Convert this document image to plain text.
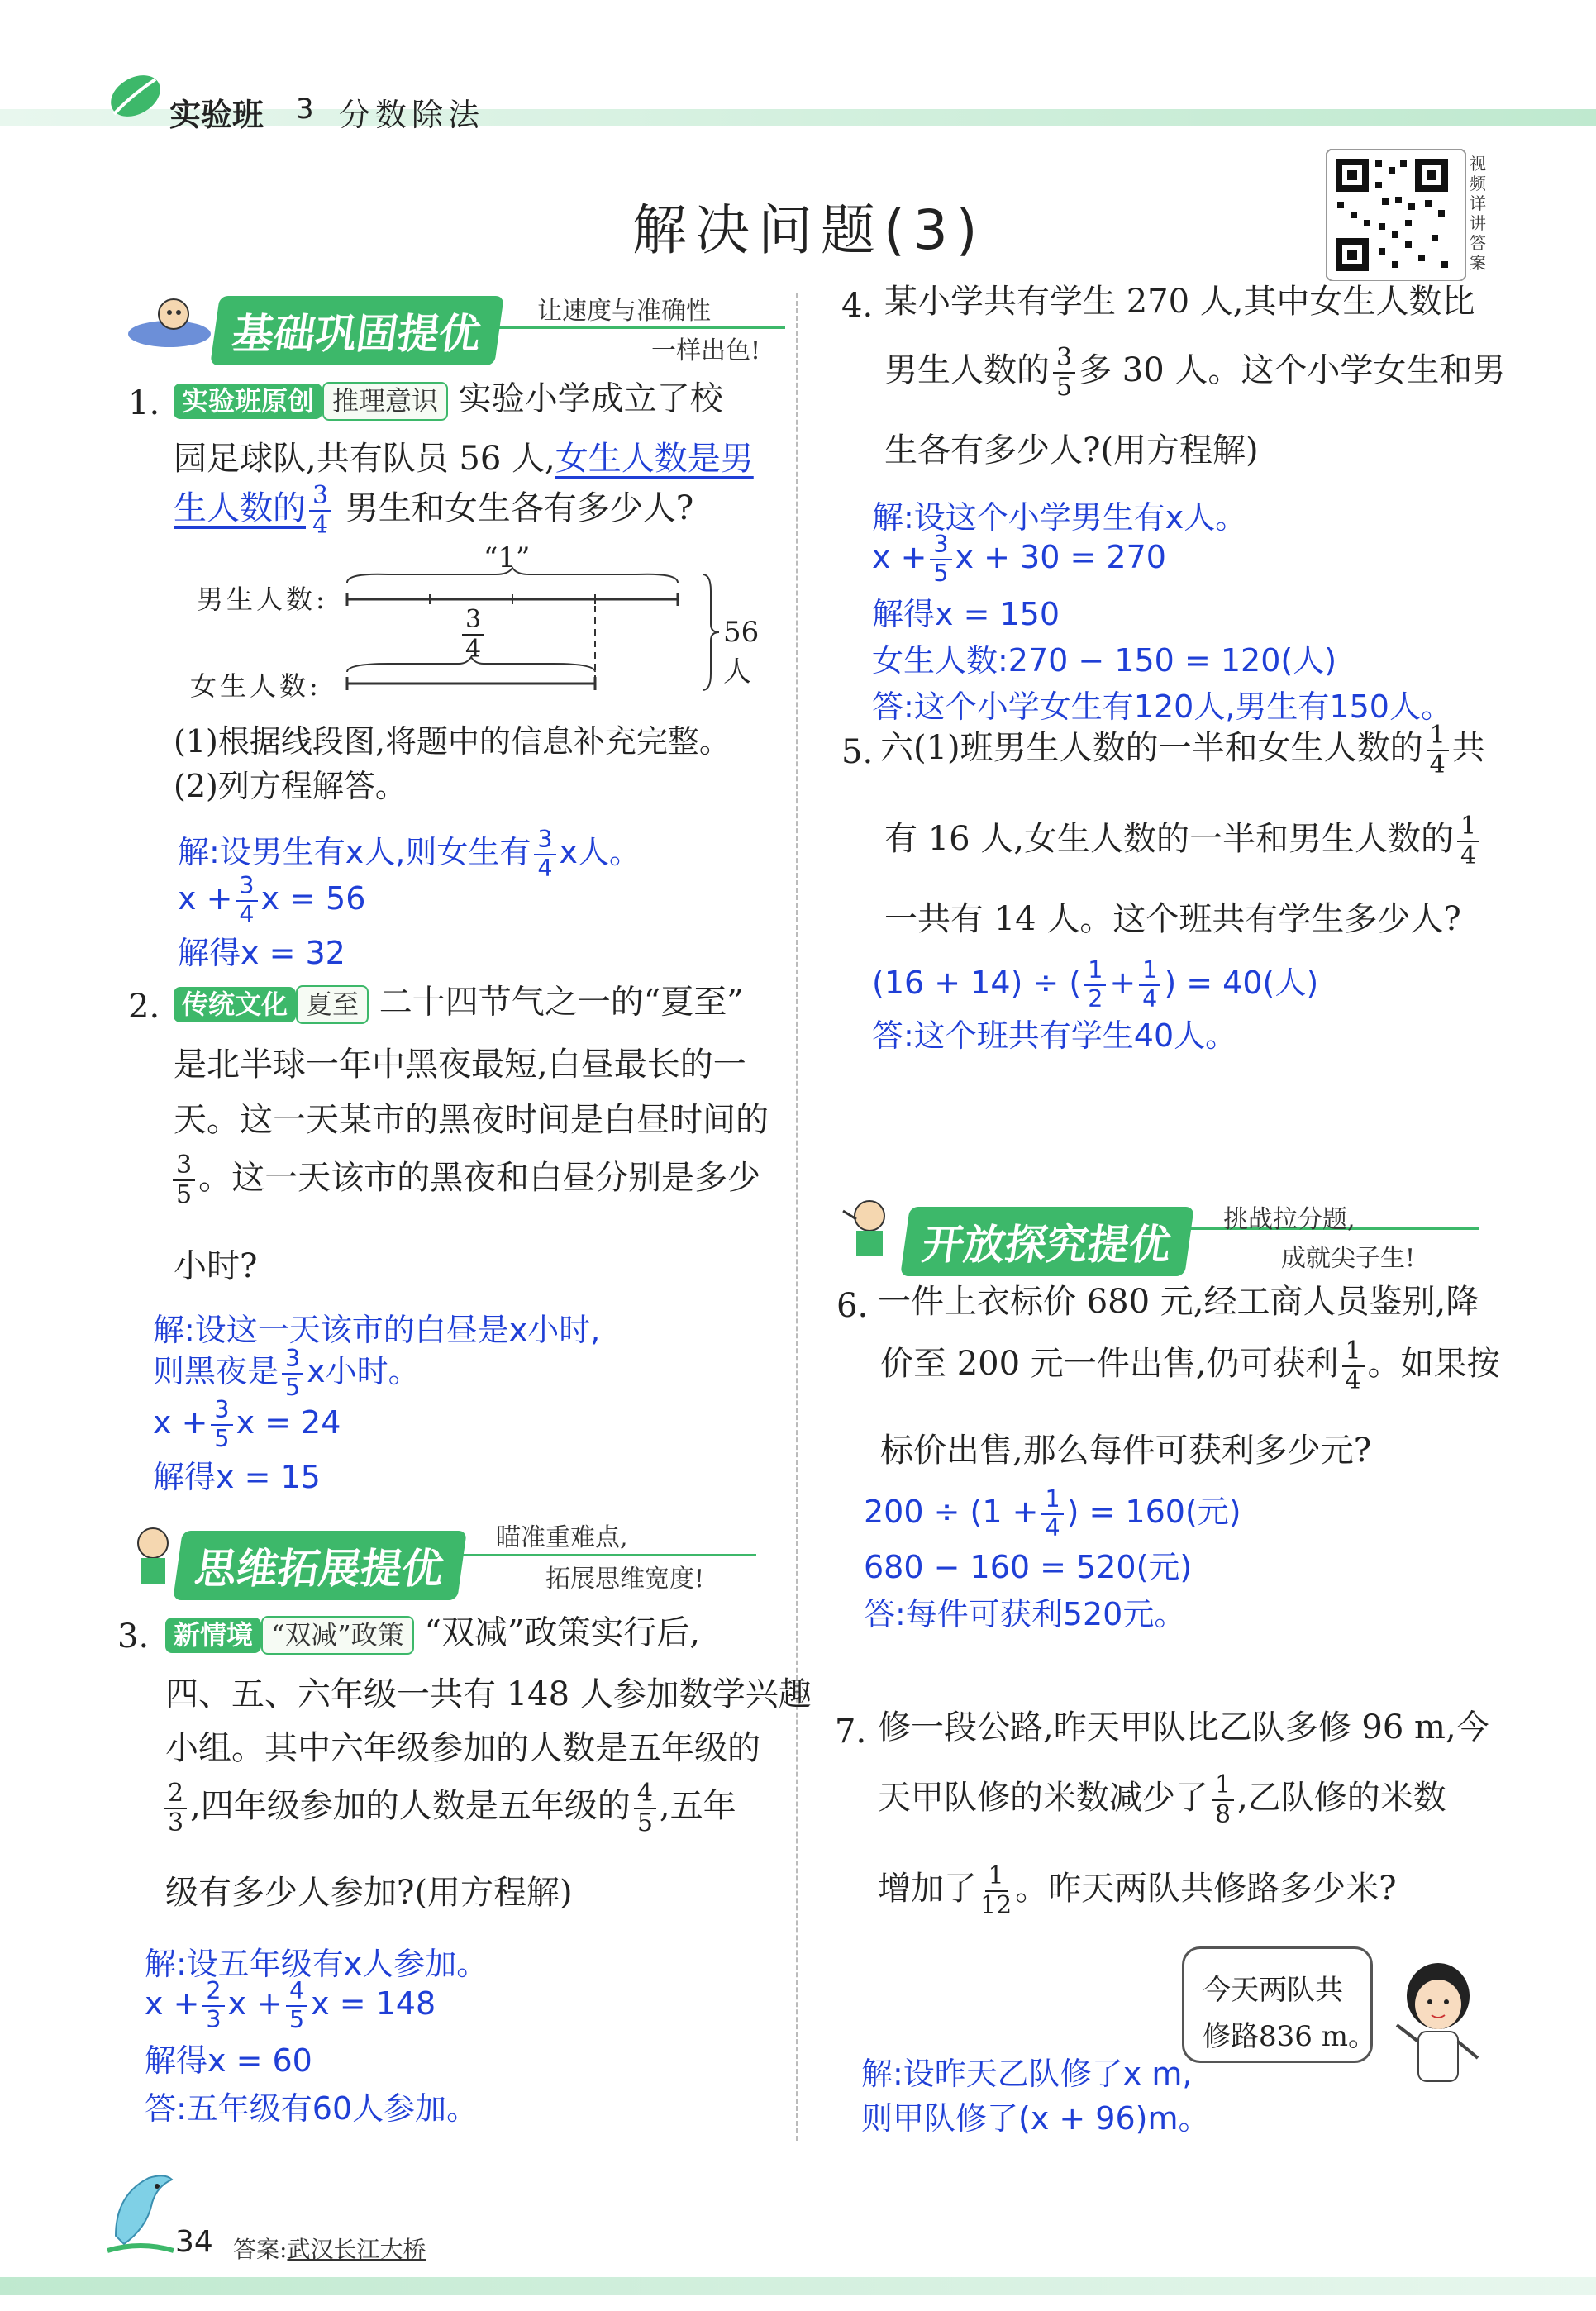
实验班 3 分数除法
解决问题(3)
视频详讲答案
基础巩固提优	让速度与准确性
一样出色!
1. 实验班原创 推理意识 实验小学成立了校
园足球队,共有队员 56 人,女生人数是男
生人数的 $\frac{3}{4}$ 男生和女生各有多少人?
“1”
男生人数:
女生人数:
$\frac{3}{4}$	56人
(1)根据线段图,将题中的信息补充完整。
(2)列方程解答。
解:设男生有x人,则女生有 $\frac{3}{4}$ x人。
$x + \frac{3}{4}$ x = 56
解得x = 32
2. 传统文化 夏至 二十四节气之一的“夏至”
是北半球一年中黑夜最短,白昼最长的一
天。这一天某市的黑夜时间是白昼时间的
$\frac{3}{5}$ 。这一天该市的黑夜和白昼分别是多少
小时?
解:设这一天该市的白昼是x小时,
则黑夜是 $\frac{3}{5}$ x小时。
$x + \frac{3}{5}$ x = 24
解得x = 15
思维拓展提优
瞄准重难点,
拓展思维宽度!
3. 新情境 “双减”政策 “双减”政策实行后,
四、五、六年级一共有 148 人参加数学兴趣
小组。其中六年级参加的人数是五年级的
$\frac{2}{3}$ ,四年级参加的人数是五年级的 $\frac{4}{5}$ ,五年
级有多少人参加?(用方程解)
解:设五年级有x人参加。
$x + \frac{2}{3}$ $x + \frac{4}{5}$ x = 148
解得x = 60
答:五年级有60人参加。
4. 某小学共有学生 270 人,其中女生人数比
男生人数的 $\frac{3}{5}$ 多 30 人。这个小学女生和男
生各有多少人?(用方程解)
解:设这个小学男生有x人。
$x + \frac{3}{5}$ x + 30 = 270
解得x = 150
女生人数:270 − 150 = 120(人)
答:这个小学女生有120人,男生有150人。
5. 六(1)班男生人数的一半和女生人数的 $\frac{1}{4}$ 共
有 16 人,女生人数的一半和男生人数的 $\frac{1}{4}$
一共有 14 人。这个班共有学生多少人?
(16 + 14) ÷ ( $\frac{1}{2} + \frac{1}{4}$ ) = 40(人)
答:这个班共有学生40人。
开放探究提优
挑战拉分题,
成就尖子生!
6. 一件上衣标价 680 元,经工商人员鉴别,降
价至 200 元一件出售,仍可获利 $\frac{1}{4}$ 。如果按
标价出售,那么每件可获利多少元?
$200 \div (1 + \frac{1}{4}$ ) = 160(元)
680 − 160 = 520(元)
答:每件可获利520元。
7. 修一段公路,昨天甲队比乙队多修 96 m,今
天甲队修的米数减少了 $\frac{1}{8}$ ,乙队修的米数
增加了 $\frac{1}{12}$ 。昨天两队共修路多少米?
今天两队共
修路836 m。
解:设昨天乙队修了x m,
则甲队修了(x + 96)m。
34 答案:武汉长江大桥
